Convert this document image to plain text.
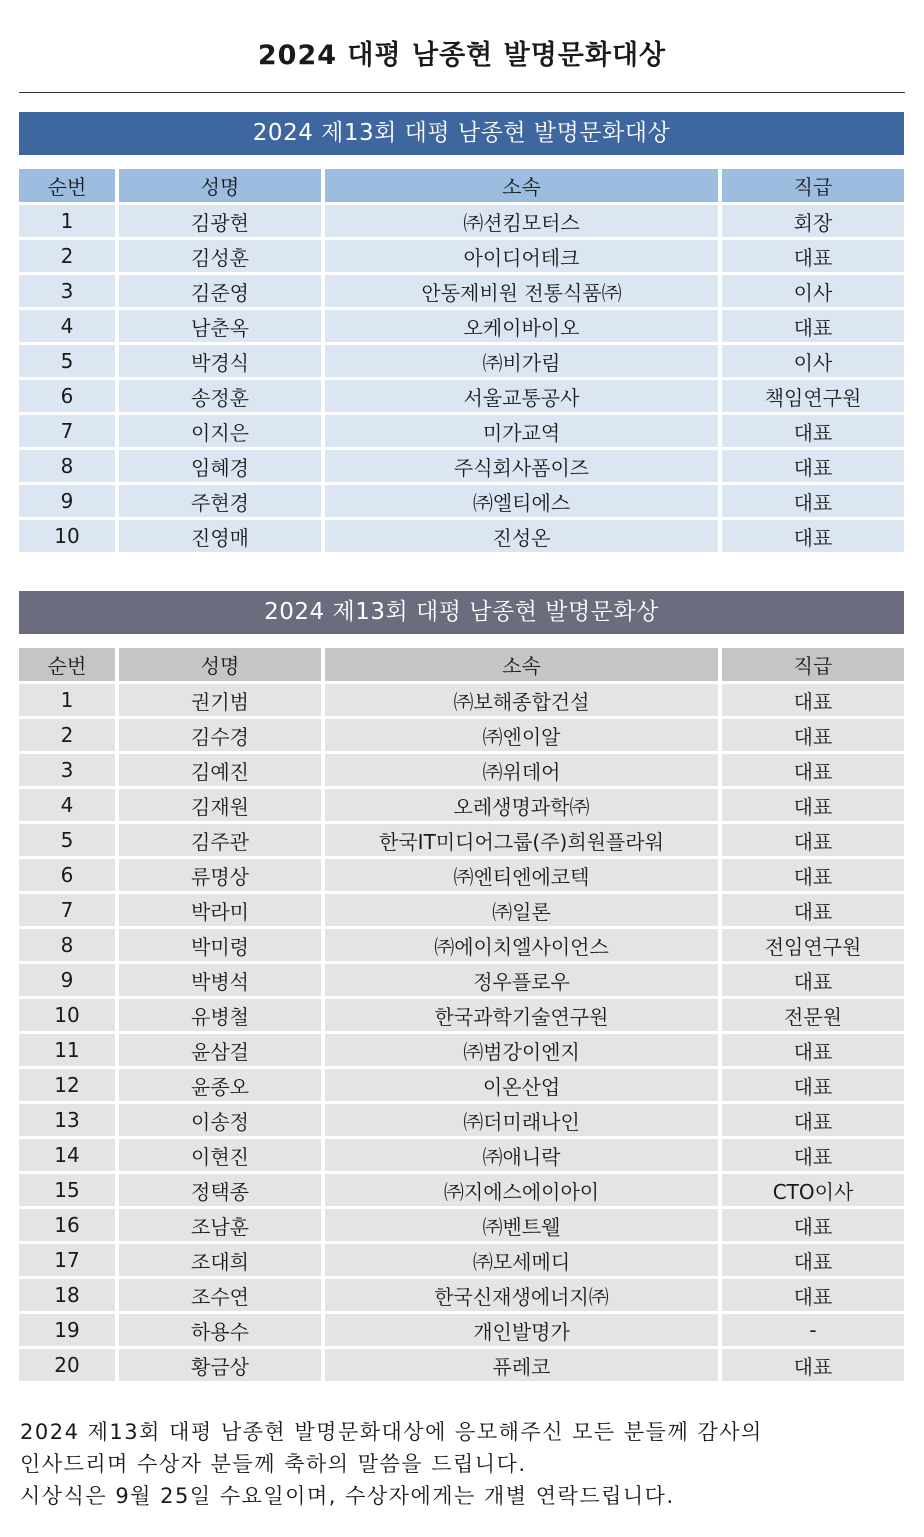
2024 대평 남종현 발명문화대상
2024 제13회 대평 남종현 발명문화대상
순번	성명	소속	직급
1	김광현	㈜션킴모터스	회장
2	김성훈	아이디어테크	대표
3	김준영	안동제비원 전통식품㈜	이사
4	남춘옥	오케이바이오	대표
5	박경식	㈜비가림	이사
6	송정훈	서울교통공사	책임연구원
7	이지은	미가교역	대표
8	임혜경	주식회사폼이즈	대표
9	주현경	㈜엘티에스	대표
10	진영매	진성온	대표
2024 제13회 대평 남종현 발명문화상
순번	성명	소속	직급
1	권기범	㈜보해종합건설	대표
2	김수경	㈜엔이알	대표
3	김예진	㈜위데어	대표
4	김재원	오레생명과학㈜	대표
5	김주관	한국IT미디어그룹(주)희원플라워	대표
6	류명상	㈜엔티엔에코텍	대표
7	박라미	㈜일론	대표
8	박미령	㈜에이치엘사이언스	전임연구원
9	박병석	정우플로우	대표
10	유병철	한국과학기술연구원	전문원
11	윤삼걸	㈜범강이엔지	대표
12	윤종오	이온산업	대표
13	이송정	㈜더미래나인	대표
14	이현진	㈜애니락	대표
15	정택종	㈜지에스에이아이	CTO이사
16	조남훈	㈜벤트웰	대표
17	조대희	㈜모세메디	대표
18	조수연	한국신재생에너지㈜	대표
19	하용수	개인발명가	-
20	황금상	퓨레코	대표
2024 제13회 대평 남종현 발명문화대상에 응모해주신 모든 분들께 감사의
인사드리며 수상자 분들께 축하의 말씀을 드립니다.
시상식은 9월 25일 수요일이며, 수상자에게는 개별 연락드립니다.
